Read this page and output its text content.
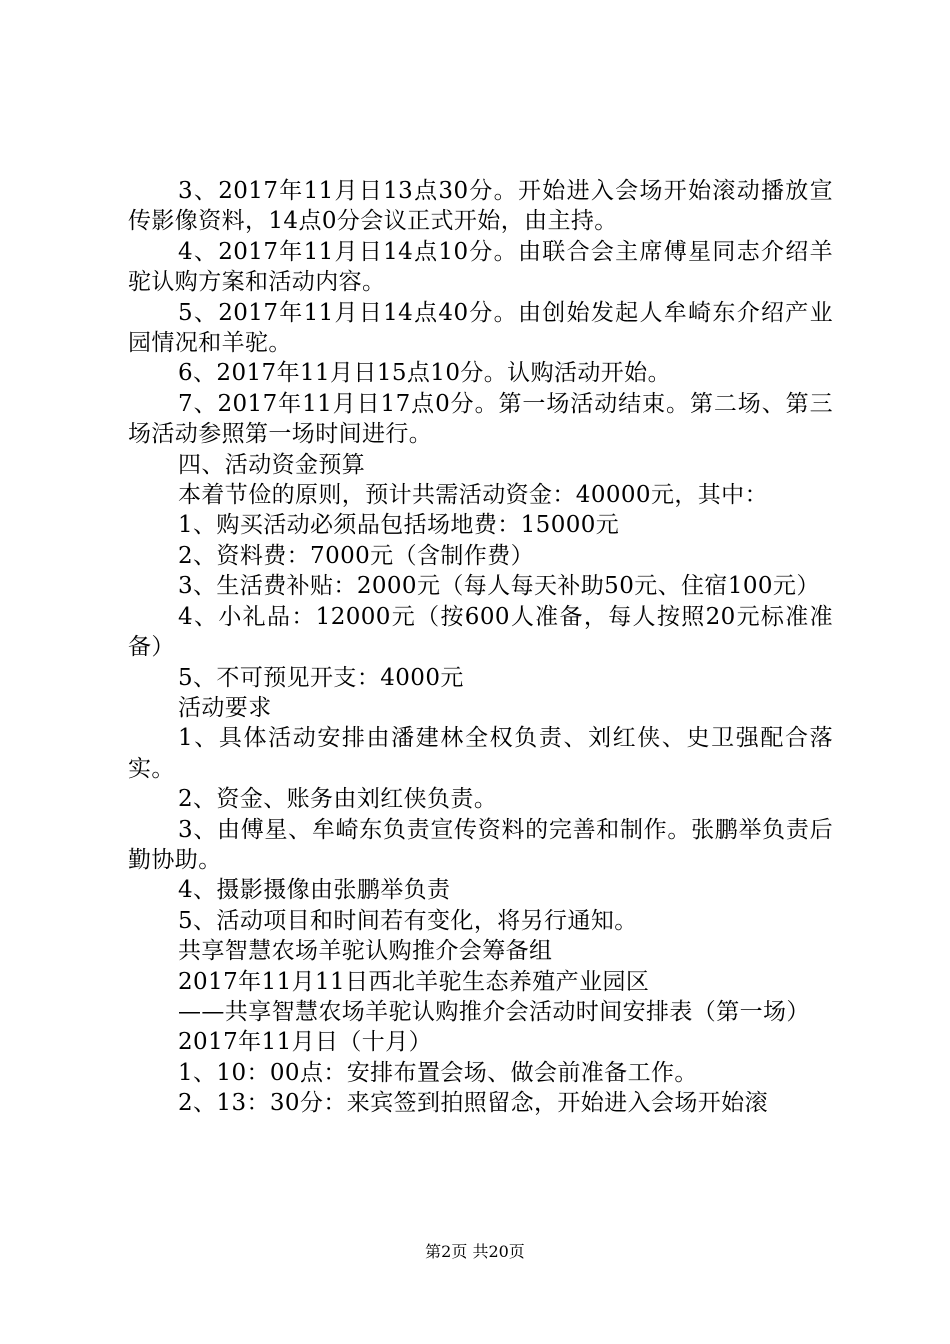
3、2017年11月日13点30分。开始进入会场开始滚动播放宣传影像资料，14点0分会议正式开始，由主持。

4、2017年11月日14点10分。由联合会主席傅星同志介绍羊驼认购方案和活动内容。

5、2017年11月日14点40分。由创始发起人牟崎东介绍产业园情况和羊驼。

6、2017年11月日15点10分。认购活动开始。

7、2017年11月日17点0分。第一场活动结束。第二场、第三场活动参照第一场时间进行。

四、活动资金预算

本着节俭的原则，预计共需活动资金：40000元，其中：

1、购买活动必须品包括场地费：15000元

2、资料费：7000元（含制作费）

3、生活费补贴：2000元（每人每天补助50元、住宿100元）

4、小礼品：12000元（按600人准备，每人按照20元标准准备）

5、不可预见开支：4000元

活动要求

1、具体活动安排由潘建林全权负责、刘红侠、史卫强配合落实。

2、资金、账务由刘红侠负责。

3、由傅星、牟崎东负责宣传资料的完善和制作。张鹏举负责后勤协助。

4、摄影摄像由张鹏举负责

5、活动项目和时间若有变化，将另行通知。

共享智慧农场羊驼认购推介会筹备组

2017年11月11日西北羊驼生态养殖产业园区

——共享智慧农场羊驼认购推介会活动时间安排表（第一场）

2017年11月日（十月）

1、10：00点：安排布置会场、做会前准备工作。

2、13：30分：来宾签到拍照留念，开始进入会场开始滚

第2页 共20页
